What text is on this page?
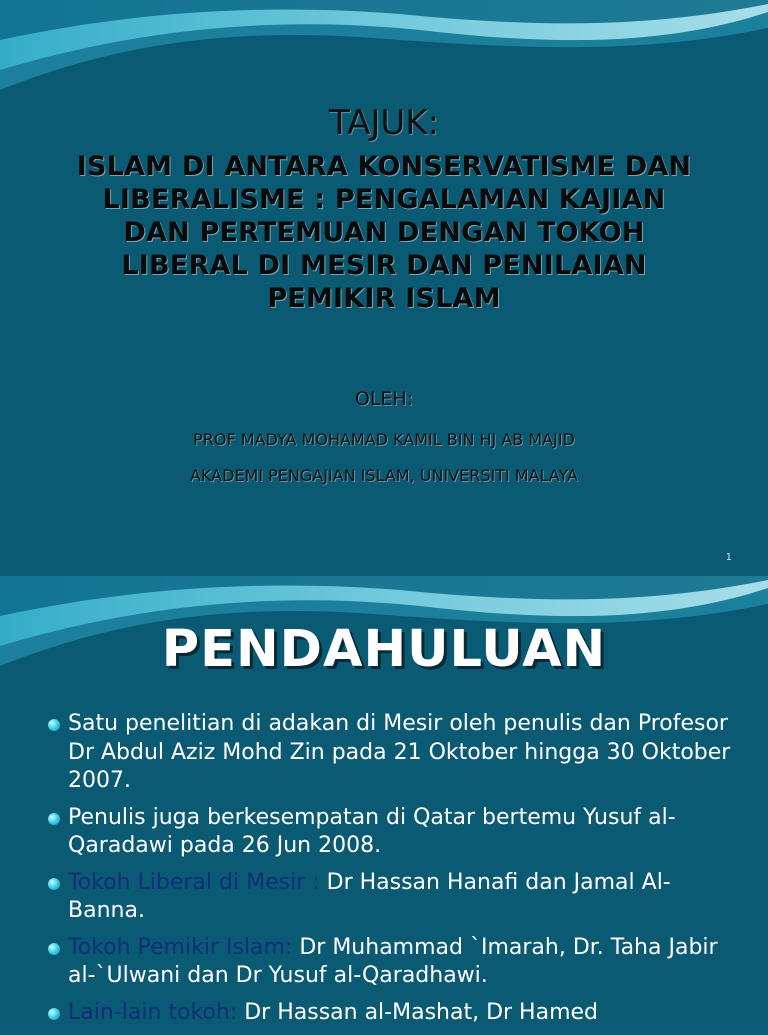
TAJUK:
ISLAM DI ANTARA KONSERVATISME DAN
LIBERALISME : PENGALAMAN KAJIAN
DAN PERTEMUAN DENGAN TOKOH
LIBERAL DI MESIR DAN PENILAIAN
PEMIKIR ISLAM
OLEH:
PROF MADYA MOHAMAD KAMIL BIN HJ AB MAJID
AKADEMI PENGAJIAN ISLAM, UNIVERSITI MALAYA
1
PENDAHULUAN
Satu penelitian di adakan di Mesir oleh penulis dan Profesor Dr Abdul Aziz Mohd Zin pada 21 Oktober hingga 30 Oktober 2007.
Penulis juga berkesempatan di Qatar bertemu Yusuf al-Qaradawi pada 26 Jun 2008.
Tokoh Liberal di Mesir : Dr Hassan Hanafi dan Jamal Al-Banna.
Tokoh Pemikir Islam: Dr Muhammad `Imarah, Dr. Taha Jabir al-`Ulwani dan Dr Yusuf al-Qaradhawi.
Lain-lain tokoh: Dr Hassan al-Mashat, Dr Hamed
